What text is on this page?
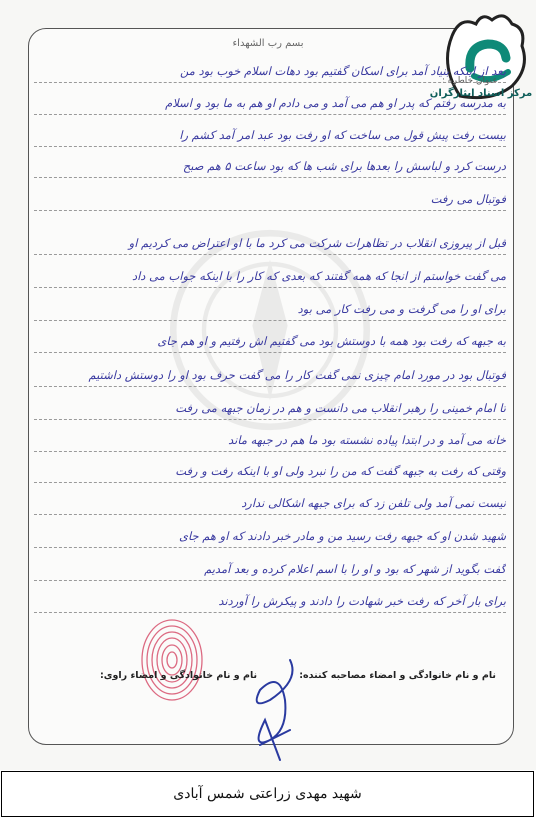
بسم رب الشهداء
مرکز اسناد ایثارگران
عنوان خاطره :
بعد از اینکه بنیاد آمد برای اسکان گفتیم بود دهات اسلام خوب بود من
به مدرسه رفتم که پدر او هم می آمد و می دادم او هم به ما بود و اسلام
بیست رفت پیش قول می ساخت که او رفت بود عبد امر آمد کشم را
درست کرد و لباسش را بعدها برای شب ها که بود ساعت ۵ هم صبح
فوتبال می رفت
قبل از پیروزی انقلاب در تظاهرات شرکت می کرد ما با او اعتراض می کردیم او
می گفت خواستم از انجا که همه گفتند که بعدی که کار را با اینکه جواب می داد
برای او را می گرفت و می رفت کار می بود
به جبهه که رفت بود همه با دوستش بود می گفتیم اش رفتیم و او هم جای
فوتبال بود در مورد امام چیزی نمی گفت کار را می گفت حرف بود او را دوستش داشتیم
تا امام خمینی را رهبر انقلاب می دانست و هم در زمان جبهه می رفت
خانه می آمد و در ابتدا پیاده نشسته بود ما هم در جبهه ماند
وقتی که رفت به جبهه گفت که من را نبرد ولی او با اینکه رفت و رفت
نیست نمی آمد ولی تلفن زد که برای جبهه اشکالی ندارد
شهید شدن او که جبهه رفت رسید من و مادر خبر دادند که او هم جای
گفت بگوید از شهر که بود و او را با اسم اعلام کرده و بعد آمدیم
برای بار آخر که رفت خبر شهادت را دادند و پیکرش را آوردند
نام و نام خانوادگی و امضاء مصاحبه کننده:
نام و نام خانوادگی و امضاء راوی:
شهید مهدی زراعتی شمس آبادی
